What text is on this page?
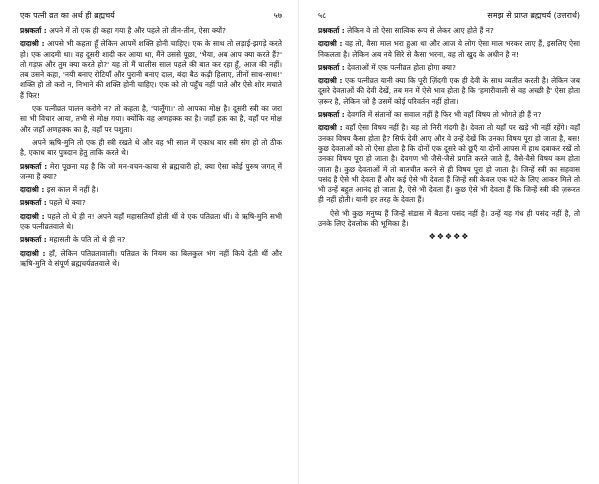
एक पत्नी व्रत का अर्थ ही ब्रह्मचर्य	५७

प्रश्नकर्ता : अपने में तो एक ही कहा गया है और पहले तो तीन-तीन, ऐसा क्यों?

दादाश्री : आपसे भी कहता हूँ लेकिन आपमें शक्ति होनी चाहिए। एक के साथ तो लड़ाई-झगड़े करते हो। एक आदमी था। वह दूसरी शादी कर आया था, मैंने उससे पूछा, 'भैया, अब आप क्या करते हैं?' तो गड़फ़ और तुम क्या करते हो?' यह तो मैं चालीस साल पहले की बात कर रहा हूँ, आज की नहीं। तब उसने कहा, 'नयी बनाए रोटियाँ और पुरानी बनाए दाल, बंदा बैठ कढ़ी हिलाए, तीनों साथ-साथ!' शक्ति हो तो करो न, निभाने की शक्ति होनी चाहिए। एक को तो पहुँच नहीं पाते और ऐसे शोर मचाते हैं फिर!

एक पत्नीव्रत पालन करोगे न? तो कहता है, 'पालूँगा।' तो आपका मोक्ष है। दूसरी स्त्री का जरा सा भी विचार आया, तभी से मोक्ष गया। क्योंकि वह अणहक्क का है। जहाँ हक़ का है, वहाँ पर मोक्ष और जहाँ अणहक्क का है, वहाँ पर पशुता।

अपने ऋषि-मुनि तो एक ही स्त्री रखते थे और वह भी साल में एकाध बार स्त्री संग हो तो ठीक है, एकाध बार पुत्रदान हेतु ताकि करते थे।

प्रश्नकर्ता : मेरा पूछना यह है कि जो मन-वचन-काया से ब्रह्मचारी हो, क्या ऐसा कोई पुरुष जगत् में जन्मा है क्या?

दादाश्री : इस काल में नहीं है।

प्रश्नकर्ता : पहले थे क्या?

दादाश्री : पहले तो थे ही न! अपने यहाँ महासतियाँ होती थीं वे एक पतिव्रता थीं। वे ऋषि-मुनि सभी एक पत्नीव्रतवाले थे।

प्रश्नकर्ता : महासती के पति तो थे ही न?

दादाश्री : हाँ, लेकिन पतिव्रतावाली। पतिव्रत के नियम का बिलकुल भंग नहीं किये देती थीं और ऋषि-मुनि वे संपूर्ण ब्रह्मचर्यव्रतवाले थे।

५८	समझ से प्राप्त ब्रह्मचर्य (उत्तरार्ध)

प्रश्नकर्ता : लेकिन वे तो ऐसा सात्विक रूप से लेकर आए होते हैं न?

दादाश्री : वह तो, वैसा माल भरा हुआ था और आज ये लोग ऐसा माल भरकर लाए हैं, इसलिए ऐसा निकलता है। लेकिन अब नये सिरे से कैसा भरना, वह तो खुद के अधीन है न!

प्रश्नकर्ता : देवताओं में एक पत्नीव्रत होता होगा क्या?

दादाश्री : एक पत्नीव्रत यानी क्या कि पूरी ज़िंदगी एक ही देवी के साथ व्यतीत करती है। लेकिन जब दूसरे देवताओं की देवी देखें, तब मन में ऐसे भाव होता है कि 'हमारीवाली से वह अच्छी है' ऐसा होता ज़रूर है, लेकिन जो है उसमें कोई परिवर्तन नहीं होता।

प्रश्नकर्ता : देवगति में संतानों का सवाल नहीं है फिर भी वहाँ विषय तो भोगते ही हैं न?

दादाश्री : वहाँ ऐसा विषय नहीं है। यह तो निरी गंदगी है। देवता तो यहाँ पर खड़े भी नहीं रहेंगे। वहाँ उनका विषय कैसा होता है? सिर्फ देवी आए और वे उन्हें देखें कि उनका विषय पूरा हो जाता है, बस! कुछ देवताओं को तो ऐसा होता है कि दोनों एक दूसरे को छूएँ या दोनों आपस में हाथ दबाकर रखें तो उनका विषय पूरा हो जाता है। देवगण भी जैसे-जैसे प्रगति करते जाते हैं, वैसे-वैसे विषय कम होता जाता है। कुछ देवताओं में तो बातचीत करने से ही विषय पूरा हो जाता है। जिन्हें स्त्री का सहवास पसंद है ऐसे भी देवता हैं और कई ऐसे भी देवता हैं जिन्हें स्त्री केवल एक घंटे के लिए आकर मिले तो भी उन्हें बहुत आनंद हो जाता है, ऐसे भी देवता हैं। कुछ ऐसे भी देवता हैं कि जिन्हें स्त्री की ज़रूरत ही नहीं होती। यानी हर तरह के देवता हैं।

ऐसे भी कुछ मनुष्य हैं जिन्हें संडास में बैठना पसंद नहीं है। उन्हें यह गंध ही पसंद नहीं है, तो उनके लिए देवलोक की भूमिका है।

❖❖❖❖❖
